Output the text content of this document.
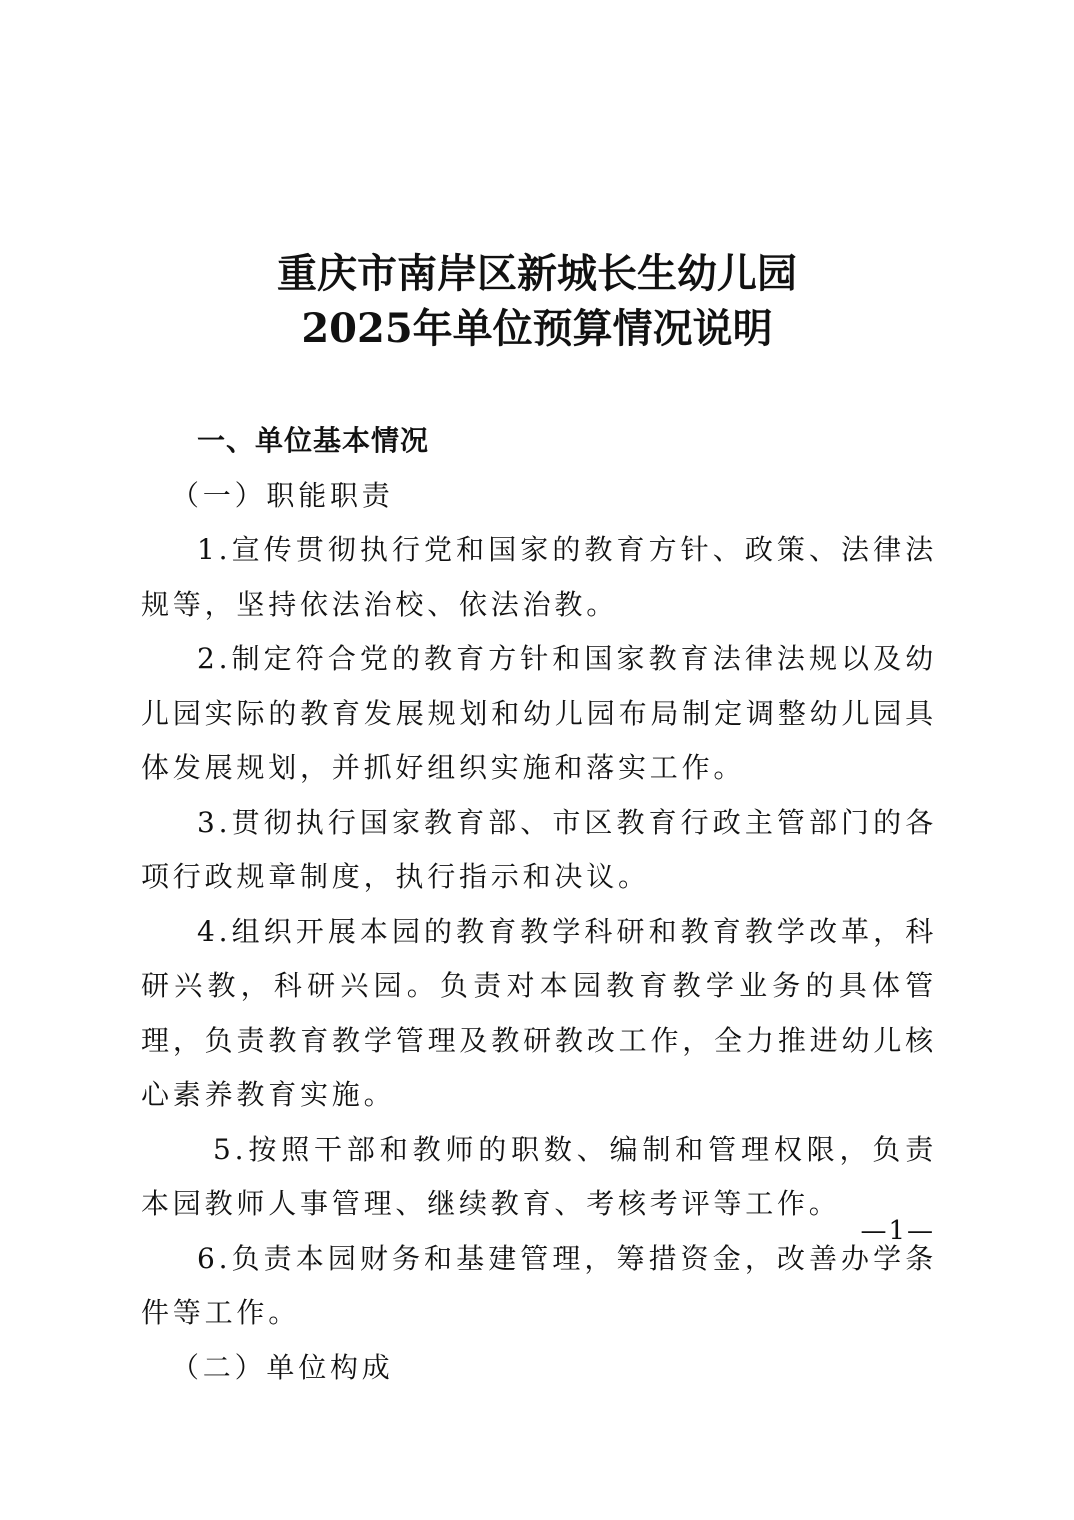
重庆市南岸区新城长生幼儿园
2025年单位预算情况说明

一、单位基本情况

（一）职能职责

1.宣传贯彻执行党和国家的教育方针、政策、法律法规等，坚持依法治校、依法治教。

2.制定符合党的教育方针和国家教育法律法规以及幼儿园实际的教育发展规划和幼儿园布局制定调整幼儿园具体发展规划，并抓好组织实施和落实工作。

3.贯彻执行国家教育部、市区教育行政主管部门的各项行政规章制度，执行指示和决议。

4.组织开展本园的教育教学科研和教育教学改革，科研兴教，科研兴园。负责对本园教育教学业务的具体管理，负责教育教学管理及教研教改工作，全力推进幼儿核心素养教育实施。

5.按照干部和教师的职数、编制和管理权限，负责本园教师人事管理、继续教育、考核考评等工作。

6.负责本园财务和基建管理，筹措资金，改善办学条件等工作。

（二）单位构成

—1—
